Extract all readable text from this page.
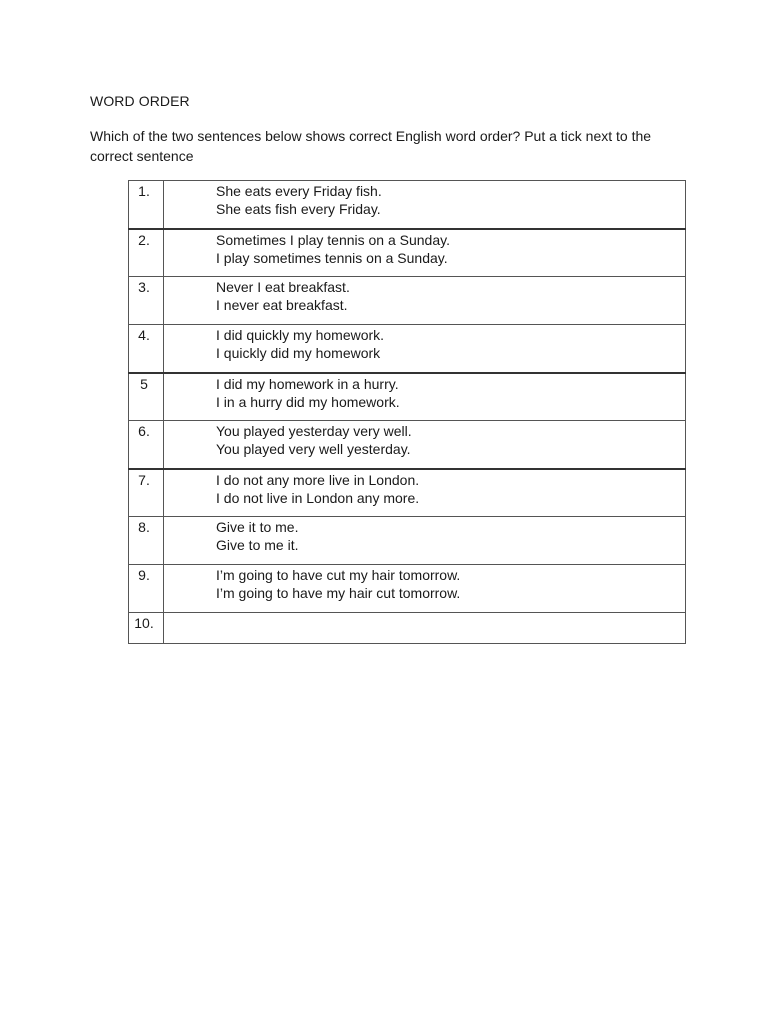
WORD ORDER
Which of the two sentences below shows correct English word order? Put a tick next to the correct sentence
1.	She eats every Friday fish.
She eats fish every Friday.

2.	Sometimes I play tennis on a Sunday.
I play sometimes tennis on a Sunday.

3.	Never I eat breakfast.
I never eat breakfast.

4.	I did quickly my homework.
I quickly did my homework

5	I did my homework in a hurry.
I in a hurry did my homework.

6.	You played yesterday very well.
You played very well yesterday.

7.	I do not any more live in London.
I do not live in London any more.

8.	Give it to me.
Give to me it.

9.	I’m going to have cut my hair tomorrow.
I’m going to have my hair cut tomorrow.

10.	
